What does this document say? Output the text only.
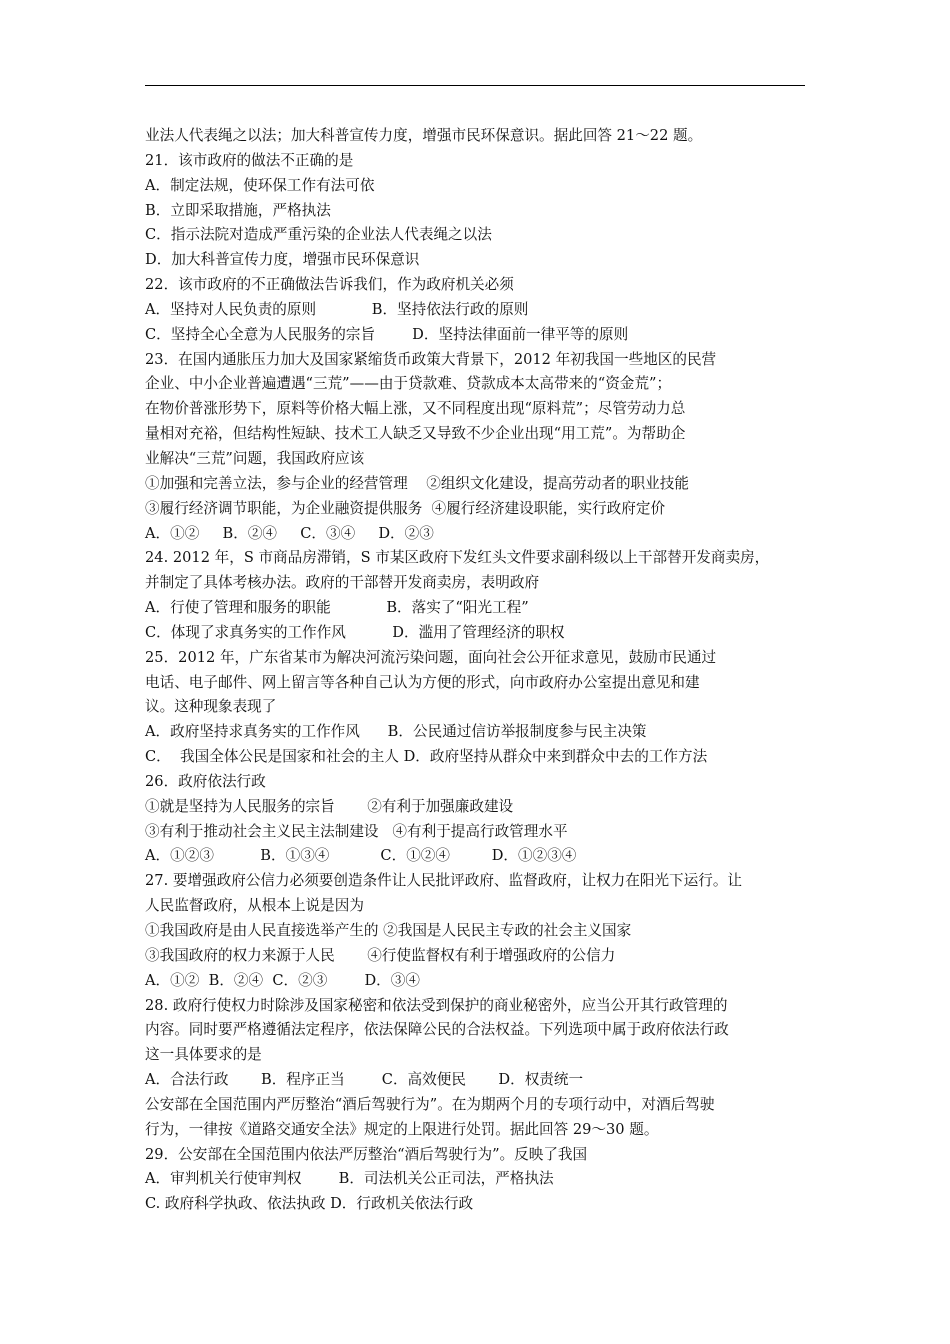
业法人代表绳之以法；加大科普宣传力度，增强市民环保意识。据此回答 21～22 题。
21．该市政府的做法不正确的是
A．制定法规，使环保工作有法可依
B．立即采取措施，严格执法
C．指示法院对造成严重污染的企业法人代表绳之以法
D．加大科普宣传力度，增强市民环保意识
22．该市政府的不正确做法告诉我们，作为政府机关必须
A．坚持对人民负责的原则            B．坚持依法行政的原则
C．坚持全心全意为人民服务的宗旨        D．坚持法律面前一律平等的原则
23．在国内通胀压力加大及国家紧缩货币政策大背景下，2012 年初我国一些地区的民营
企业、中小企业普遍遭遇“三荒”——由于贷款难、贷款成本太高带来的“资金荒”；
在物价普涨形势下，原料等价格大幅上涨，又不同程度出现“原料荒”；尽管劳动力总
量相对充裕，但结构性短缺、技术工人缺乏又导致不少企业出现“用工荒”。为帮助企
业解决“三荒”问题，我国政府应该
①加强和完善立法，参与企业的经营管理    ②组织文化建设，提高劳动者的职业技能
③履行经济调节职能，为企业融资提供服务  ④履行经济建设职能，实行政府定价
A．①②     B．②④     C．③④     D．②③
24. 2012 年，S 市商品房滞销，S 市某区政府下发红头文件要求副科级以上干部替开发商卖房，
并制定了具体考核办法。政府的干部替开发商卖房，表明政府
A．行使了管理和服务的职能            B．落实了“阳光工程”
C．体现了求真务实的工作作风          D．滥用了管理经济的职权
25．2012 年，广东省某市为解决河流污染问题，面向社会公开征求意见，鼓励市民通过
电话、电子邮件、网上留言等各种自己认为方便的形式，向市政府办公室提出意见和建
议。这种现象表现了
A．政府坚持求真务实的工作作风      B．公民通过信访举报制度参与民主决策
C．  我国全体公民是国家和社会的主人 D．政府坚持从群众中来到群众中去的工作方法
26．政府依法行政
①就是坚持为人民服务的宗旨       ②有利于加强廉政建设
③有利于推动社会主义民主法制建设   ④有利于提高行政管理水平
A．①②③          B．①③④           C．①②④         D．①②③④
27. 要增强政府公信力必须要创造条件让人民批评政府、监督政府，让权力在阳光下运行。让
人民监督政府，从根本上说是因为
①我国政府是由人民直接选举产生的 ②我国是人民民主专政的社会主义国家
③我国政府的权力来源于人民       ④行使监督权有利于增强政府的公信力
A．①②  B．②④  C．②③        D．③④
28. 政府行使权力时除涉及国家秘密和依法受到保护的商业秘密外，应当公开其行政管理的
内容。同时要严格遵循法定程序，依法保障公民的合法权益。下列选项中属于政府依法行政
这一具体要求的是
A．合法行政       B．程序正当        C．高效便民       D．权责统一
公安部在全国范围内严厉整治“酒后驾驶行为”。在为期两个月的专项行动中，对酒后驾驶
行为，一律按《道路交通安全法》规定的上限进行处罚。据此回答 29～30 题。
29．公安部在全国范围内依法严厉整治“酒后驾驶行为”。反映了我国
A．审判机关行使审判权        B．司法机关公正司法，严格执法
C. 政府科学执政、依法执政 D．行政机关依法行政
